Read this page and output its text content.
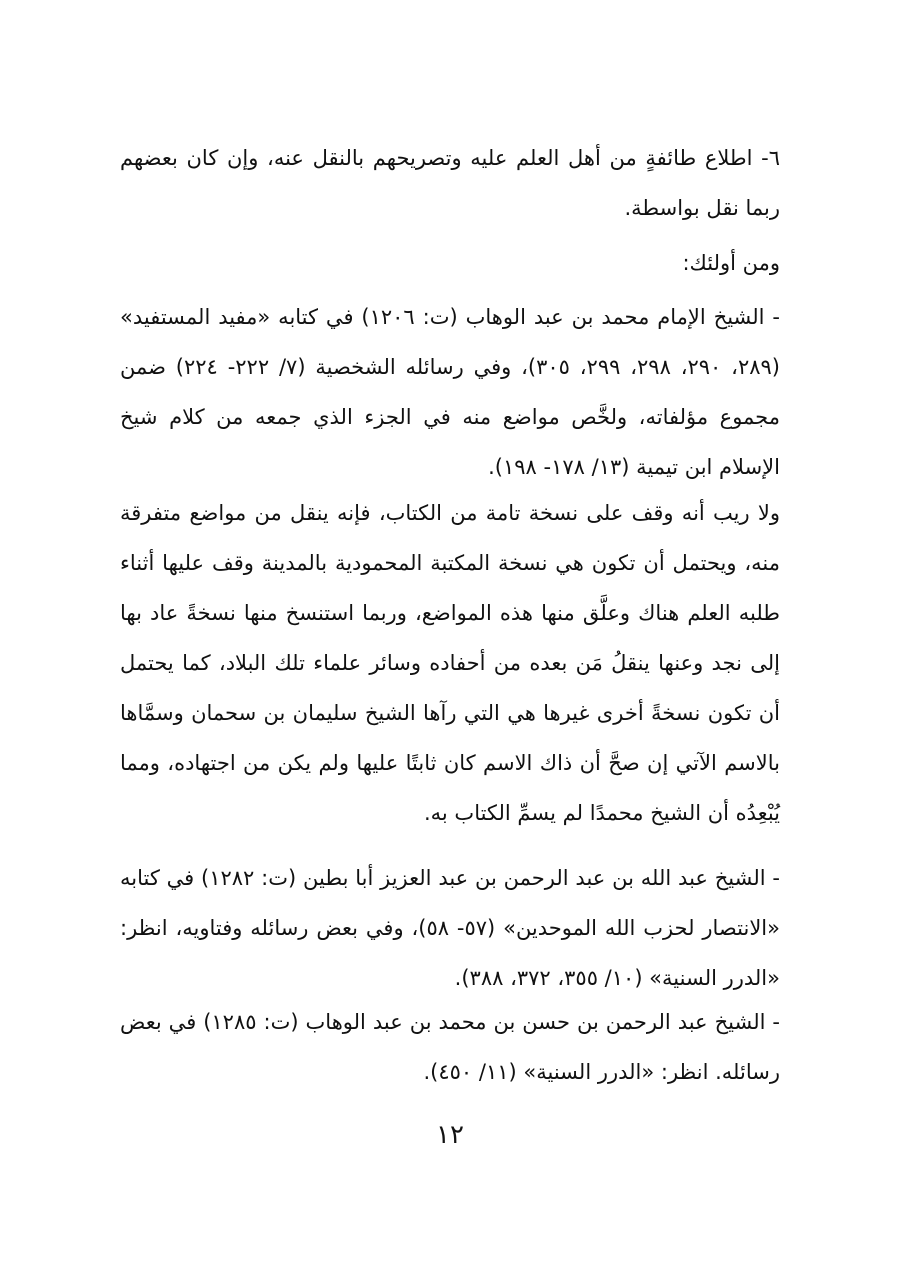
٦- اطلاع طائفةٍ من أهل العلم عليه وتصريحهم بالنقل عنه، وإن كان بعضهم ربما نقل بواسطة.

ومن أولئك:

- الشيخ الإمام محمد بن عبد الوهاب (ت: ١٢٠٦) في كتابه «مفيد المستفيد» (٢٨٩، ٢٩٠، ٢٩٨، ٢٩٩، ٣٠٥)، وفي رسائله الشخصية (٧/ ٢٢٢- ٢٢٤) ضمن مجموع مؤلفاته، ولخَّص مواضع منه في الجزء الذي جمعه من كلام شيخ الإسلام ابن تيمية (١٣/ ١٧٨- ١٩٨).

ولا ريب أنه وقف على نسخة تامة من الكتاب، فإنه ينقل من مواضع متفرقة منه، ويحتمل أن تكون هي نسخة المكتبة المحمودية بالمدينة وقف عليها أثناء طلبه العلم هناك وعلَّق منها هذه المواضع، وربما استنسخ منها نسخةً عاد بها إلى نجد وعنها ينقلُ مَن بعده من أحفاده وسائر علماء تلك البلاد، كما يحتمل أن تكون نسخةً أخرى غيرها هي التي رآها الشيخ سليمان بن سحمان وسمَّاها بالاسم الآتي إن صحَّ أن ذاك الاسم كان ثابتًا عليها ولم يكن من اجتهاده، ومما يُبْعِدُه أن الشيخ محمدًا لم يسمِّ الكتاب به.

- الشيخ عبد الله بن عبد الرحمن بن عبد العزيز أبا بطين (ت: ١٢٨٢) في كتابه «الانتصار لحزب الله الموحدين» (٥٧- ٥٨)، وفي بعض رسائله وفتاويه، انظر: «الدرر السنية» (١٠/ ٣٥٥، ٣٧٢، ٣٨٨).

- الشيخ عبد الرحمن بن حسن بن محمد بن عبد الوهاب (ت: ١٢٨٥) في بعض رسائله. انظر: «الدرر السنية» (١١/ ٤٥٠).

١٢
